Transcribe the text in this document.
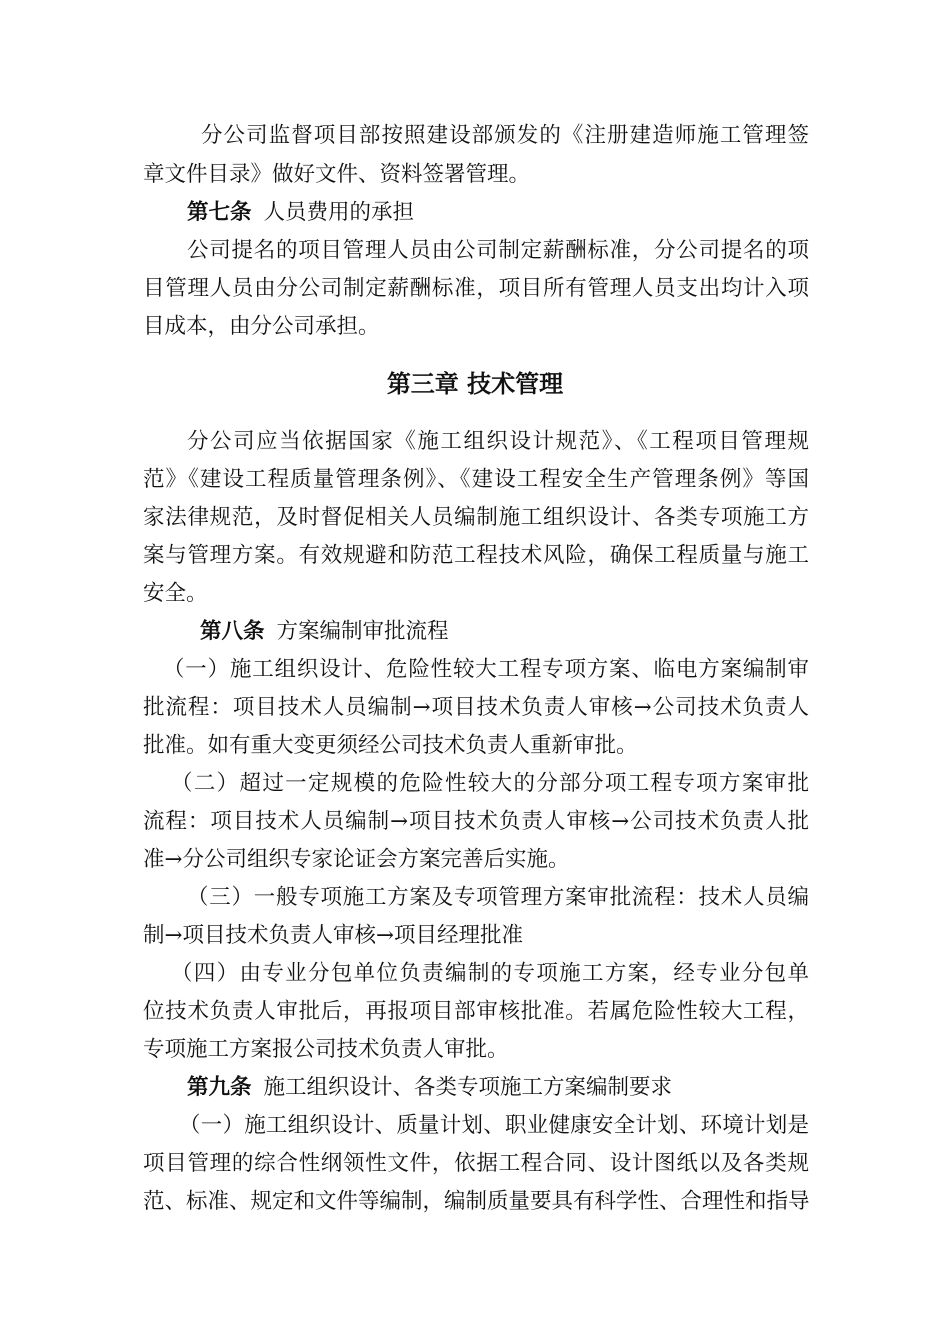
分公司监督项目部按照建设部颁发的《注册建造师施工管理签
章文件目录》做好文件、资料签署管理。
第七条 人员费用的承担
公司提名的项目管理人员由公司制定薪酬标准，分公司提名的项
目管理人员由分公司制定薪酬标准，项目所有管理人员支出均计入项
目成本，由分公司承担。
第三章 技术管理
分公司应当依据国家《施工组织设计规范》、《工程项目管理规
范》《建设工程质量管理条例》、《建设工程安全生产管理条例》等国
家法律规范，及时督促相关人员编制施工组织设计、各类专项施工方
案与管理方案。有效规避和防范工程技术风险，确保工程质量与施工
安全。
第八条 方案编制审批流程
（一）施工组织设计、危险性较大工程专项方案、临电方案编制审
批流程：项目技术人员编制→项目技术负责人审核→公司技术负责人
批准。如有重大变更须经公司技术负责人重新审批。
（二）超过一定规模的危险性较大的分部分项工程专项方案审批
流程：项目技术人员编制→项目技术负责人审核→公司技术负责人批
准→分公司组织专家论证会方案完善后实施。
（三）一般专项施工方案及专项管理方案审批流程：技术人员编
制→项目技术负责人审核→项目经理批准
（四）由专业分包单位负责编制的专项施工方案，经专业分包单
位技术负责人审批后，再报项目部审核批准。若属危险性较大工程，
专项施工方案报公司技术负责人审批。
第九条 施工组织设计、各类专项施工方案编制要求
（一）施工组织设计、质量计划、职业健康安全计划、环境计划是
项目管理的综合性纲领性文件，依据工程合同、设计图纸以及各类规
范、标准、规定和文件等编制，编制质量要具有科学性、合理性和指导
